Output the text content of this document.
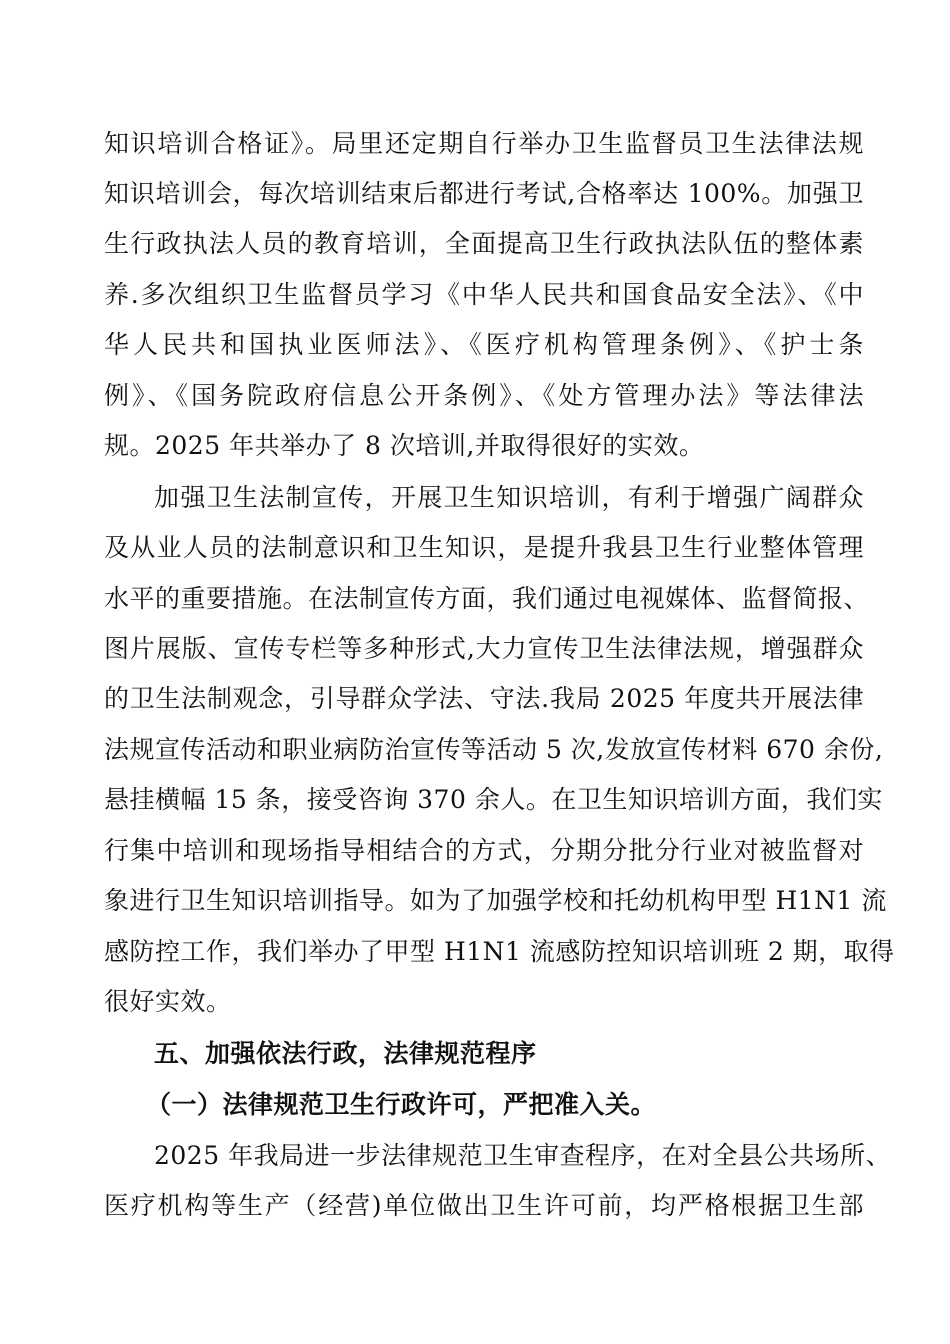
知识培训合格证》。局里还定期自行举办卫生监督员卫生法律法规
知识培训会，每次培训结束后都进行考试,合格率达 100%。加强卫
生行政执法人员的教育培训，全面提高卫生行政执法队伍的整体素
养.多次组织卫生监督员学习《中华人民共和国食品安全法》、《中
华人民共和国执业医师法》、《医疗机构管理条例》、《护士条
例》、《国务院政府信息公开条例》、《处方管理办法》等法律法
规。2025 年共举办了 8 次培训,并取得很好的实效。
加强卫生法制宣传，开展卫生知识培训，有利于增强广阔群众
及从业人员的法制意识和卫生知识，是提升我县卫生行业整体管理
水平的重要措施。在法制宣传方面，我们通过电视媒体、监督简报、
图片展版、宣传专栏等多种形式,大力宣传卫生法律法规，增强群众
的卫生法制观念，引导群众学法、守法.我局 2025 年度共开展法律
法规宣传活动和职业病防治宣传等活动 5 次,发放宣传材料 670 余份,
悬挂横幅 15 条，接受咨询 370 余人。在卫生知识培训方面，我们实
行集中培训和现场指导相结合的方式，分期分批分行业对被监督对
象进行卫生知识培训指导。如为了加强学校和托幼机构甲型 H1N1 流
感防控工作，我们举办了甲型 H1N1 流感防控知识培训班 2 期，取得
很好实效。
五、加强依法行政，法律规范程序
（一）法律规范卫生行政许可，严把准入关。
2025 年我局进一步法律规范卫生审查程序，在对全县公共场所、
医疗机构等生产（经营)单位做出卫生许可前，均严格根据卫生部
